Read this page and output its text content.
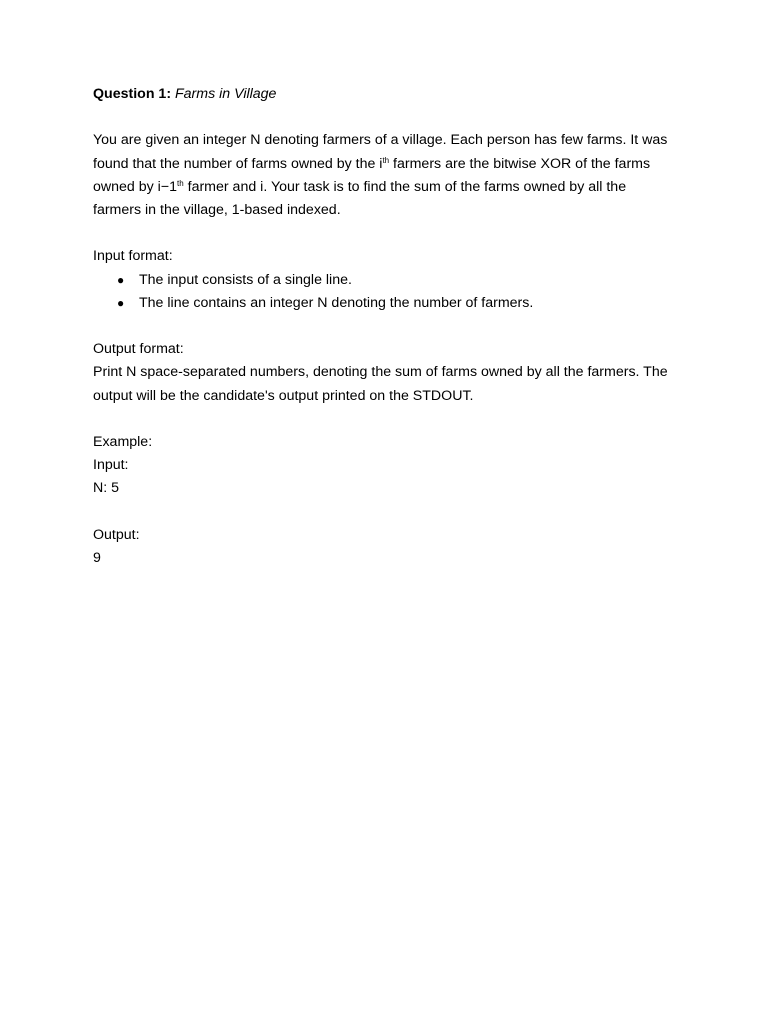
Question 1: Farms in Village
You are given an integer N denoting farmers of a village. Each person has few farms. It was
found that the number of farms owned by the $i^{th}$ farmers are the bitwise XOR of the farms
owned by i−1th farmer and i. Your task is to find the sum of the farms owned by all the
farmers in the village, 1-based indexed.
Input format:
● The input consists of a single line.
● The line contains an integer N denoting the number of farmers.
Output format:
Print N space-separated numbers, denoting the sum of farms owned by all the farmers. The
output will be the candidate's output printed on the STDOUT.
Example:
Input:
N: 5
Output:
9
